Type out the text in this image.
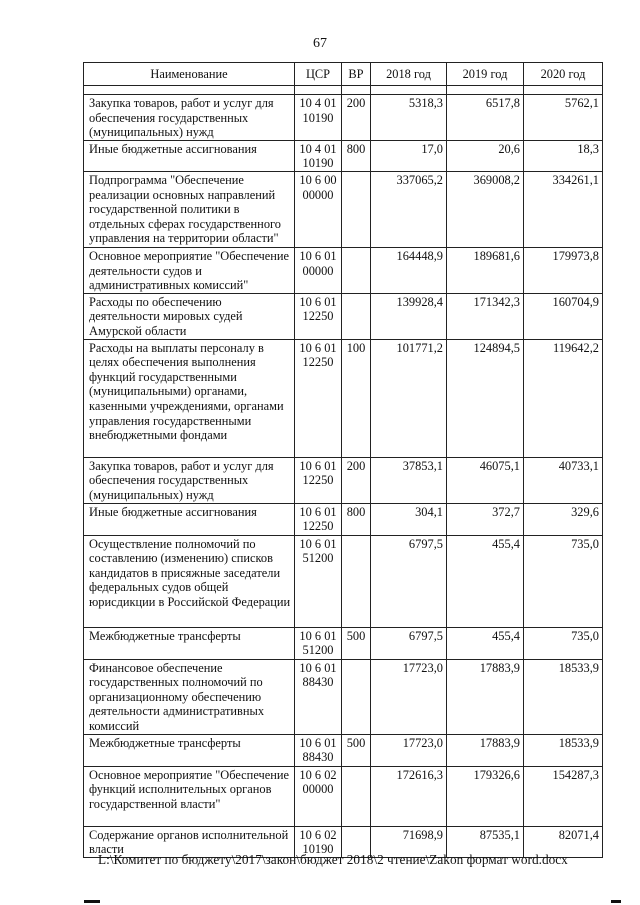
67
Наименование	ЦСР	ВР	2018 год	2019 год	2020 год

Закупка товаров, работ и услуг для обеспечения государственных (муниципальных) нужд	10 4 01 10190	200	5318,3	6517,8	5762,1
Иные бюджетные ассигнования	10 4 01 10190	800	17,0	20,6	18,3
Подпрограмма "Обеспечение реализации основных направлений государственной политики в отдельных сферах государственного управления на территории области"	10 6 00 00000		337065,2	369008,2	334261,1
Основное мероприятие "Обеспечение деятельности судов и административных комиссий"	10 6 01 00000		164448,9	189681,6	179973,8
Расходы по обеспечению деятельности мировых судей Амурской области	10 6 01 12250		139928,4	171342,3	160704,9
Расходы на выплаты персоналу в целях обеспечения выполнения функций государственными (муниципальными) органами, казенными учреждениями, органами управления государственными внебюджетными фондами	10 6 01 12250	100	101771,2	124894,5	119642,2
Закупка товаров, работ и услуг для обеспечения государственных (муниципальных) нужд	10 6 01 12250	200	37853,1	46075,1	40733,1
Иные бюджетные ассигнования	10 6 01 12250	800	304,1	372,7	329,6
Осуществление полномочий по составлению (изменению) списков кандидатов в присяжные заседатели федеральных судов общей юрисдикции в Российской Федерации	10 6 01 51200		6797,5	455,4	735,0
Межбюджетные трансферты	10 6 01 51200	500	6797,5	455,4	735,0
Финансовое обеспечение государственных полномочий по организационному обеспечению деятельности административных комиссий	10 6 01 88430		17723,0	17883,9	18533,9
Межбюджетные трансферты	10 6 01 88430	500	17723,0	17883,9	18533,9
Основное мероприятие "Обеспечение функций исполнительных органов государственной власти"	10 6 02 00000		172616,3	179326,6	154287,3
Содержание органов исполнительной власти	10 6 02 10190		71698,9	87535,1	82071,4
L:\Комитет по бюджету\2017\закон\бюджет 2018\2 чтение\Zakon формат word.docx
